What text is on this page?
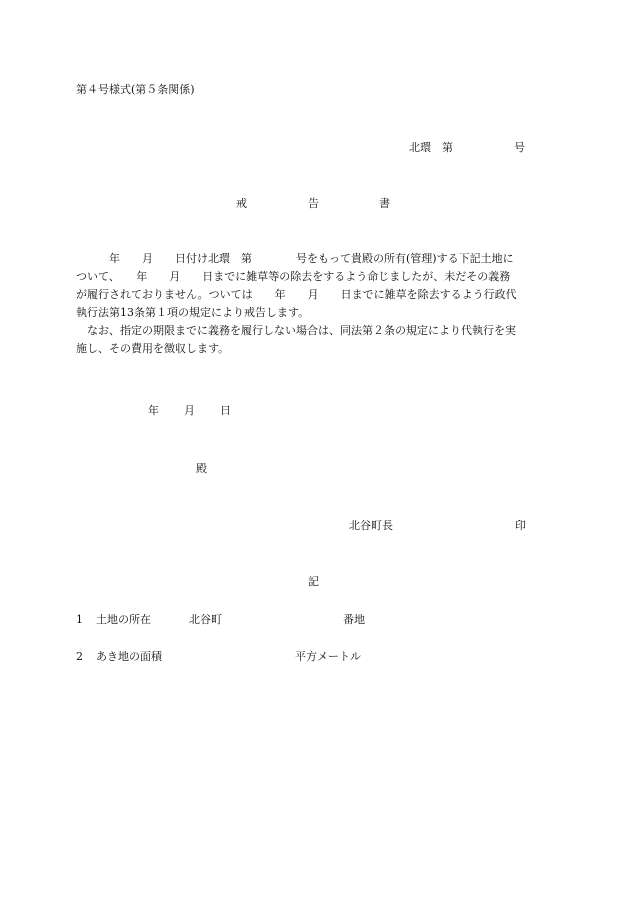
第４号様式(第５条関係)
北環　第	号
戒	告	書
　　　年　　月　　日付け北環　第　　　　号をもって貴殿の所有(管理)する下記土地に
ついて、　　年　　月　　日までに雑草等の除去をするよう命じましたが、未だその義務
が履行されておりません。ついては　　年　　月　　日までに雑草を除去するよう行政代
執行法第13条第１項の規定により戒告します。
　なお、指定の期限までに義務を履行しない場合は、同法第２条の規定により代執行を実
施し、その費用を徴収します。
年 月 日
殿
北谷町長	印
記
1 土地の所在	北谷町	番地
2 あき地の面積	平方メートル
